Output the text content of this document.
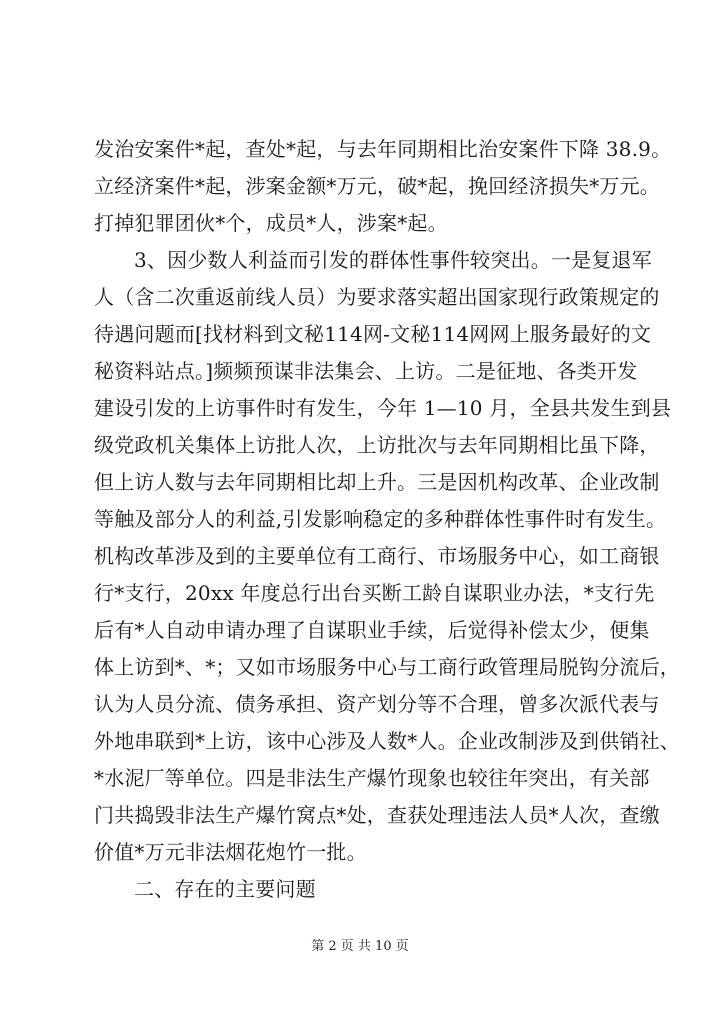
发治安案件*起，查处*起，与去年同期相比治安案件下降 38.9。
立经济案件*起，涉案金额*万元，破*起，挽回经济损失*万元。
打掉犯罪团伙*个，成员*人，涉案*起。
3、因少数人利益而引发的群体性事件较突出。一是复退军
人（含二次重返前线人员）为要求落实超出国家现行政策规定的
待遇问题而[找材料到文秘114网-文秘114网网上服务最好的文
秘资料站点。]频频预谋非法集会、上访。二是征地、各类开发
建设引发的上访事件时有发生，今年 1—10 月，全县共发生到县
级党政机关集体上访批人次，上访批次与去年同期相比虽下降，
但上访人数与去年同期相比却上升。三是因机构改革、企业改制
等触及部分人的利益,引发影响稳定的多种群体性事件时有发生。
机构改革涉及到的主要单位有工商行、市场服务中心，如工商银
行*支行，20xx 年度总行出台买断工龄自谋职业办法，*支行先
后有*人自动申请办理了自谋职业手续，后觉得补偿太少，便集
体上访到*、*；又如市场服务中心与工商行政管理局脱钩分流后，
认为人员分流、债务承担、资产划分等不合理，曾多次派代表与
外地串联到*上访，该中心涉及人数*人。企业改制涉及到供销社、
*水泥厂等单位。四是非法生产爆竹现象也较往年突出，有关部
门共捣毁非法生产爆竹窝点*处，查获处理违法人员*人次，查缴
价值*万元非法烟花炮竹一批。
二、存在的主要问题
第 2 页 共 10 页
